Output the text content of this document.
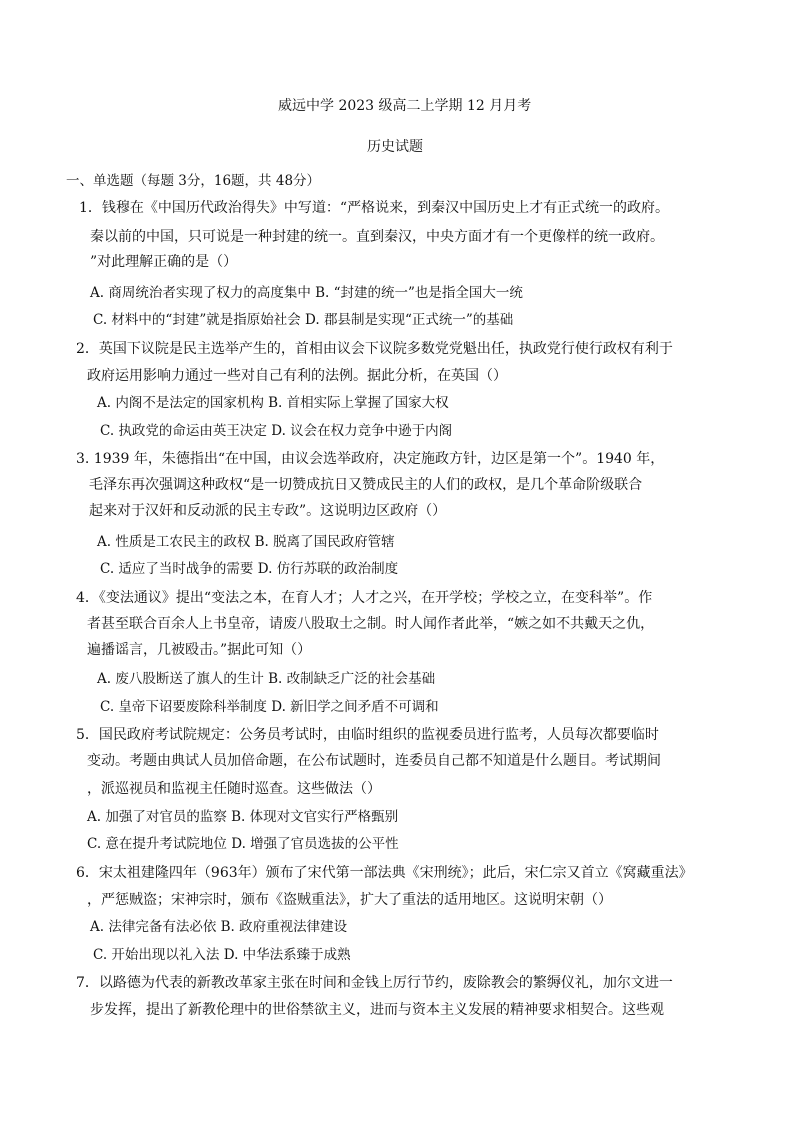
威远中学 2023 级高二上学期 12 月月考
历史试题
一、单选题（每题 3分，16题，共 48分）
1．钱穆在《中国历代政治得失》中写道：“严格说来，到秦汉中国历史上才有正式统一的政府。
秦以前的中国，只可说是一种封建的统一。直到秦汉，中央方面才有一个更像样的统一政府。
”对此理解正确的是（）
A. 商周统治者实现了权力的高度集中 B. “封建的统一”也是指全国大一统
C. 材料中的“封建”就是指原始社会 D. 郡县制是实现“正式统一”的基础
2．英国下议院是民主选举产生的，首相由议会下议院多数党党魁出任，执政党行使行政权有利于
政府运用影响力通过一些对自己有利的法例。据此分析，在英国（）
A. 内阁不是法定的国家机构 B. 首相实际上掌握了国家大权
C. 执政党的命运由英王决定 D. 议会在权力竞争中逊于内阁
3. 1939 年，朱德指出“在中国，由议会选举政府，决定施政方针，边区是第一个”。1940 年，
毛泽东再次强调这种政权“是一切赞成抗日又赞成民主的人们的政权，是几个革命阶级联合
起来对于汉奸和反动派的民主专政”。这说明边区政府（）
A. 性质是工农民主的政权 B. 脱离了国民政府管辖
C. 适应了当时战争的需要 D. 仿行苏联的政治制度
4．《变法通议》提出“变法之本，在育人才；人才之兴，在开学校；学校之立，在变科举”。作
者甚至联合百余人上书皇帝，请废八股取士之制。时人闻作者此举，“嫉之如不共戴天之仇，
遍播谣言，几被殴击。”据此可知（）
A. 废八股断送了旗人的生计 B. 改制缺乏广泛的社会基础
C. 皇帝下诏要废除科举制度 D. 新旧学之间矛盾不可调和
5．国民政府考试院规定：公务员考试时，由临时组织的监视委员进行监考，人员每次都要临时
变动。考题由典试人员加倍命题，在公布试题时，连委员自己都不知道是什么题目。考试期间
，派巡视员和监视主任随时巡查。这些做法（）
A. 加强了对官员的监察 B. 体现对文官实行严格甄别
C. 意在提升考试院地位 D. 增强了官员选拔的公平性
6．宋太祖建隆四年（963年）颁布了宋代第一部法典《宋刑统》；此后，宋仁宗又首立《窝藏重法》
，严惩贼盗；宋神宗时，颁布《盗贼重法》，扩大了重法的适用地区。这说明宋朝（）
A. 法律完备有法必依 B. 政府重视法律建设
C. 开始出现以礼入法 D. 中华法系臻于成熟
7．以路德为代表的新教改革家主张在时间和金钱上厉行节约，废除教会的繁缛仪礼，加尔文进一
步发挥，提出了新教伦理中的世俗禁欲主义，进而与资本主义发展的精神要求相契合。这些观
